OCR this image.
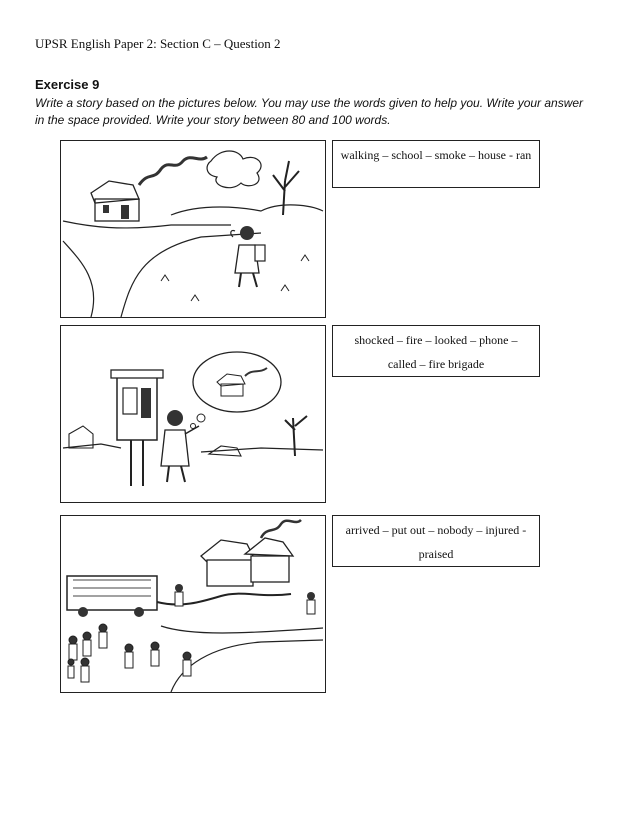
UPSR English Paper 2: Section C – Question 2
Exercise 9
Write a story based on the pictures below. You may use the words given to help you. Write your answer in the space provided. Write your story between 80 and 100 words.
walking – school – smoke – house - ran
shocked – fire – looked – phone – called – fire brigade
arrived – put out – nobody – injured - praised
